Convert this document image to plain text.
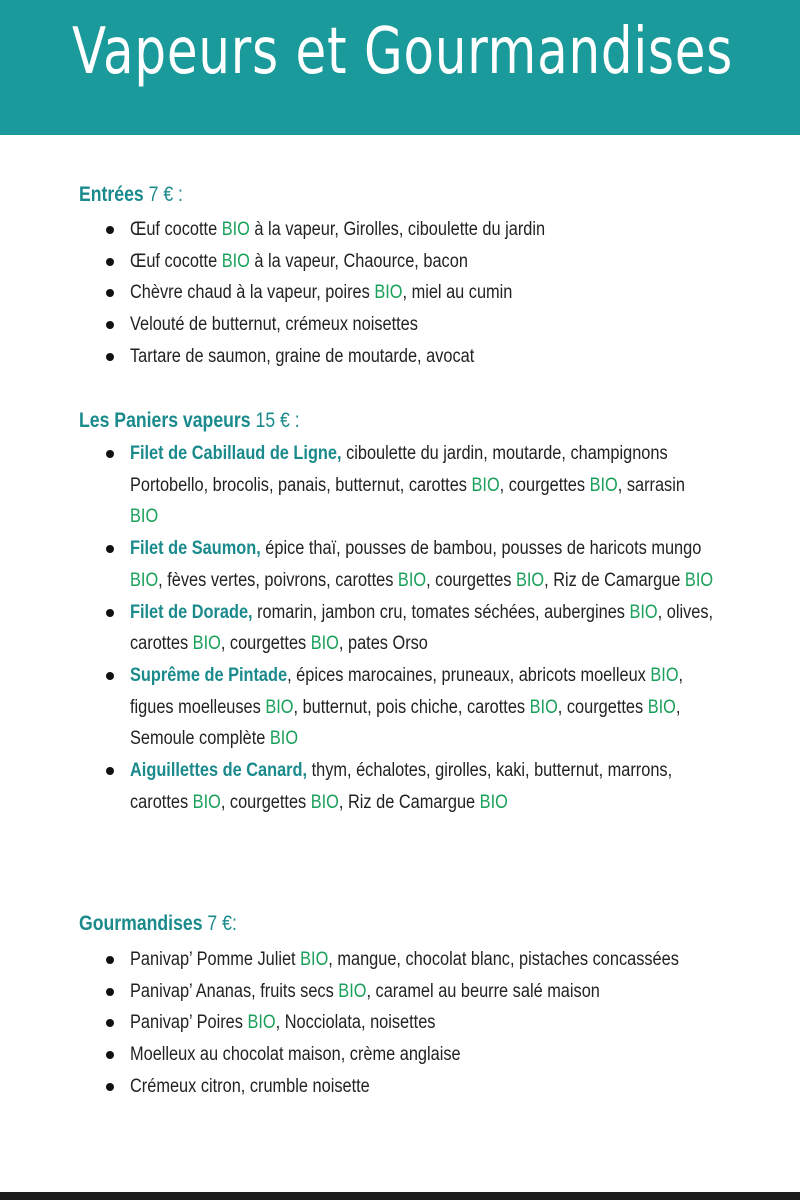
Vapeurs et Gourmandises
Entrées 7 € :
Œuf cocotte BIO à la vapeur, Girolles, ciboulette du jardin
Œuf cocotte BIO à la vapeur, Chaource, bacon
Chèvre chaud à la vapeur, poires BIO, miel au cumin
Velouté de butternut, crémeux noisettes
Tartare de saumon, graine de moutarde, avocat
Les Paniers vapeurs 15 € :
Filet de Cabillaud de Ligne, ciboulette du jardin, moutarde, champignons Portobello, brocolis, panais, butternut, carottes BIO, courgettes BIO, sarrasin BIO
Filet de Saumon, épice thaï, pousses de bambou, pousses de haricots mungo BIO, fèves vertes, poivrons, carottes BIO, courgettes BIO, Riz de Camargue BIO
Filet de Dorade, romarin, jambon cru, tomates séchées, aubergines BIO, olives, carottes BIO, courgettes BIO, pates Orso
Suprême de Pintade, épices marocaines, pruneaux, abricots moelleux BIO, figues moelleuses BIO, butternut, pois chiche, carottes BIO, courgettes BIO, Semoule complète BIO
Aiguillettes de Canard, thym, échalotes, girolles, kaki, butternut, marrons, carottes BIO, courgettes BIO, Riz de Camargue BIO
Gourmandises 7 €:
Panivap’ Pomme Juliet BIO, mangue, chocolat blanc, pistaches concassées
Panivap’ Ananas, fruits secs BIO, caramel au beurre salé maison
Panivap’ Poires BIO, Nocciolata, noisettes
Moelleux au chocolat maison, crème anglaise
Crémeux citron, crumble noisette
